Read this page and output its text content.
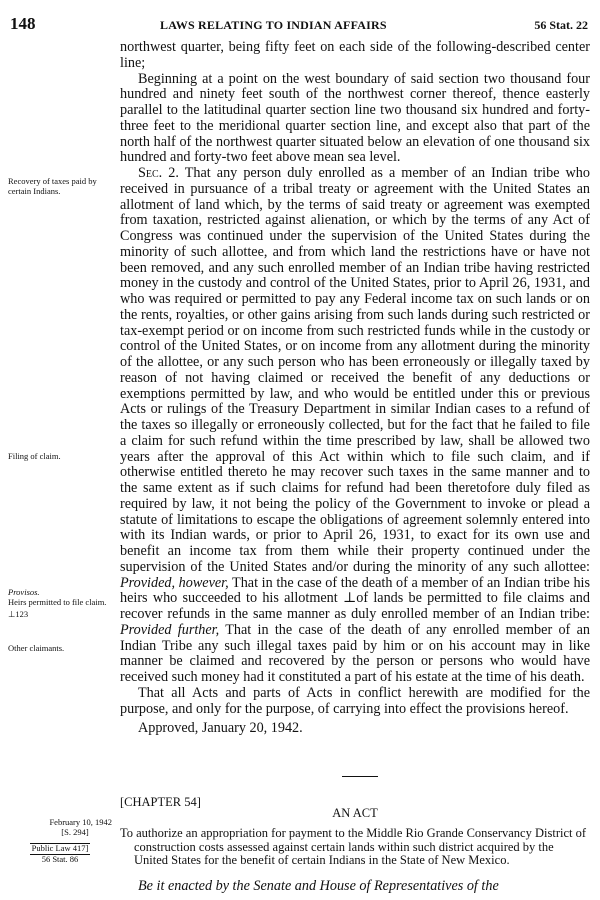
148	LAWS RELATING TO INDIAN AFFAIRS	56 Stat. 22

northwest quarter, being fifty feet on each side of the following-described center line;

Beginning at a point on the west boundary of said section two thousand four hundred and ninety feet south of the northwest corner thereof, thence easterly parallel to the latitudinal quarter section line two thousand six hundred and forty-three feet to the meridional quarter section line, and except also that part of the north half of the northwest quarter situated below an elevation of one thousand six hundred and forty-two feet above mean sea level.

Sec. 2. That any person duly enrolled as a member of an Indian tribe who received in pursuance of a tribal treaty or agreement with the United States an allotment of land which, by the terms of said treaty or agreement was exempted from taxation, restricted against alienation, or which by the terms of any Act of Congress was continued under the supervision of the United States during the minority of such allottee, and from which land the restrictions have or have not been removed, and any such enrolled member of an Indian tribe having restricted money in the custody and control of the United States, prior to April 26, 1931, and who was required or permitted to pay any Federal income tax on such lands or on the rents, royalties, or other gains arising from such lands during such restricted or tax-exempt period or on income from such restricted funds while in the custody or control of the United States, or on income from any allotment during the minority of the allottee, or any such person who has been erroneously or illegally taxed by reason of not having claimed or received the benefit of any deductions or exemptions permitted by law, and who would be entitled under this or previous Acts or rulings of the Treasury Department in similar Indian cases to a refund of the taxes so illegally or erroneously collected, but for the fact that he failed to file a claim for such refund within the time prescribed by law, shall be allowed two years after the approval of this Act within which to file such claim, and if otherwise entitled thereto he may recover such taxes in the same manner and to the same extent as if such claims for refund had been theretofore duly filed as required by law, it not being the policy of the Government to invoke or plead a statute of limitations to escape the obligations of agreement solemnly entered into with its Indian wards, or prior to April 26, 1931, to exact for its own use and benefit an income tax from them while their property continued under the supervision of the United States and/or during the minority of any such allottee: Provided, however, That in the case of the death of a member of an Indian tribe his heirs who succeeded to his allotment ⊥of lands be permitted to file claims and recover refunds in the same manner as duly enrolled member of an Indian tribe: Provided further, That in the case of the death of any enrolled member of an Indian Tribe any such illegal taxes paid by him or on his account may in like manner be claimed and recovered by the person or persons who would have received such money had it constituted a part of his estate at the time of his death.

That all Acts and parts of Acts in conflict herewith are modified for the purpose, and only for the purpose, of carrying into effect the provisions hereof.

Approved, January 20, 1942.

Recovery of taxes paid by certain Indians.
Filing of claim.
Provisos.
Heirs permitted to file claim.
⊥123
Other claimants.
[CHAPTER 54]
AN ACT
February 10, 1942
[S. 294]
Public Law 417]
56 Stat. 86
To authorize an appropriation for payment to the Middle Rio Grande Conservancy District of construction costs assessed against certain lands within such district acquired by the United States for the benefit of certain Indians in the State of New Mexico.
Be it enacted by the Senate and House of Representatives of the
